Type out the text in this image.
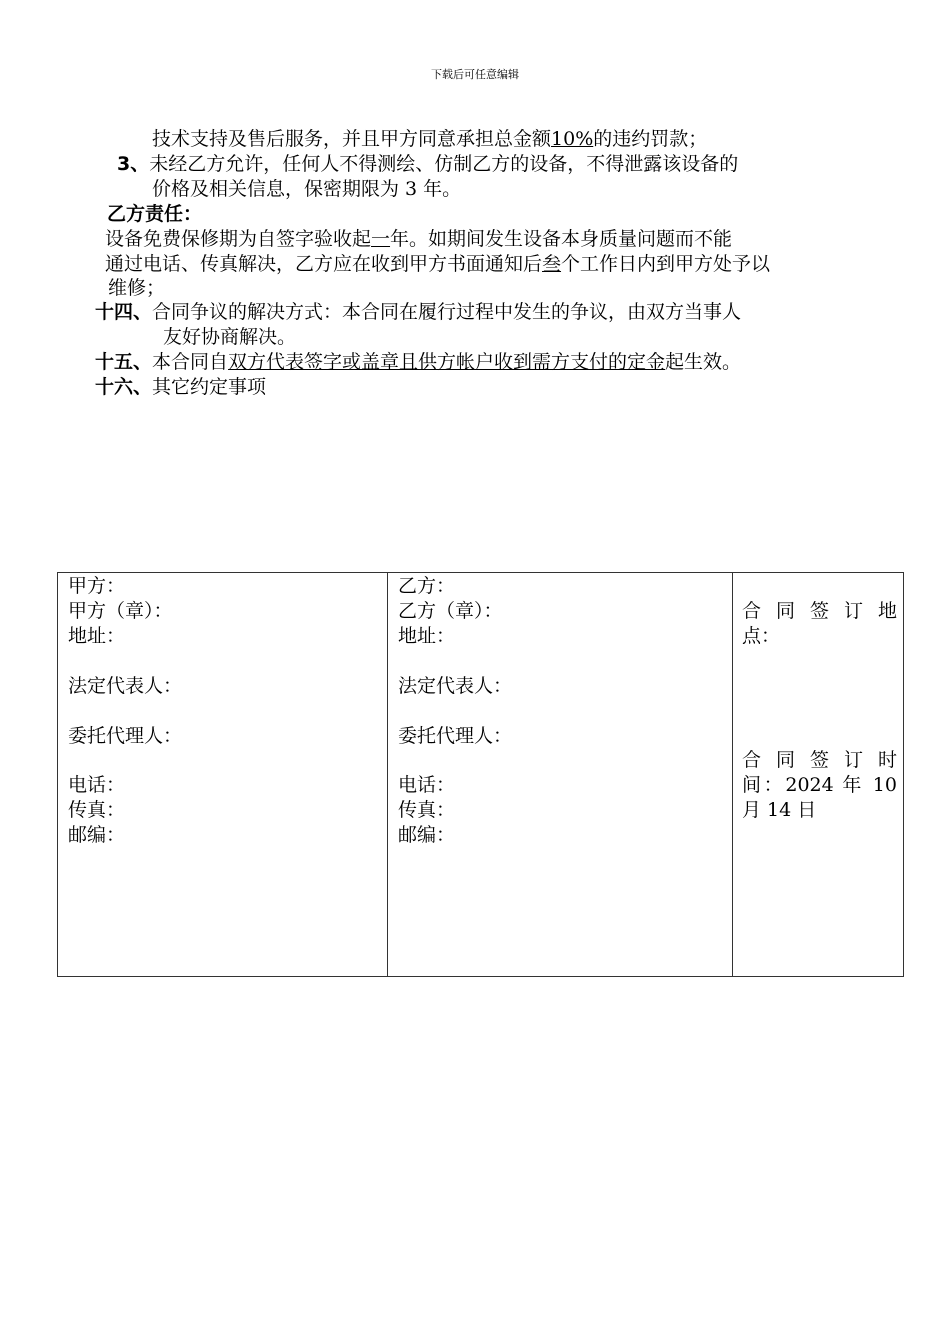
下载后可任意编辑
技术支持及售后服务，并且甲方同意承担总金额10%的违约罚款；
3、未经乙方允许，任何人不得测绘、仿制乙方的设备，不得泄露该设备的
价格及相关信息，保密期限为 3 年。
乙方责任：
设备免费保修期为自签字验收起一年。如期间发生设备本身质量问题而不能
通过电话、传真解决，乙方应在收到甲方书面通知后叁个工作日内到甲方处予以
维修；
十四、合同争议的解决方式：本合同在履行过程中发生的争议，由双方当事人
友好协商解决。
十五、本合同自双方代表签字或盖章且供方帐户收到需方支付的定金起生效。
十六、其它约定事项
甲方：
甲方（章）：
地址：
法定代表人：
委托代理人：
电话：
传真：
邮编：
乙方：
乙方（章）：
地址：
法定代表人：
委托代理人：
电话：
传真：
邮编：
合 同 签 订 地
点：
合 同 签 订 时
间：2024 年 10
月 14 日
